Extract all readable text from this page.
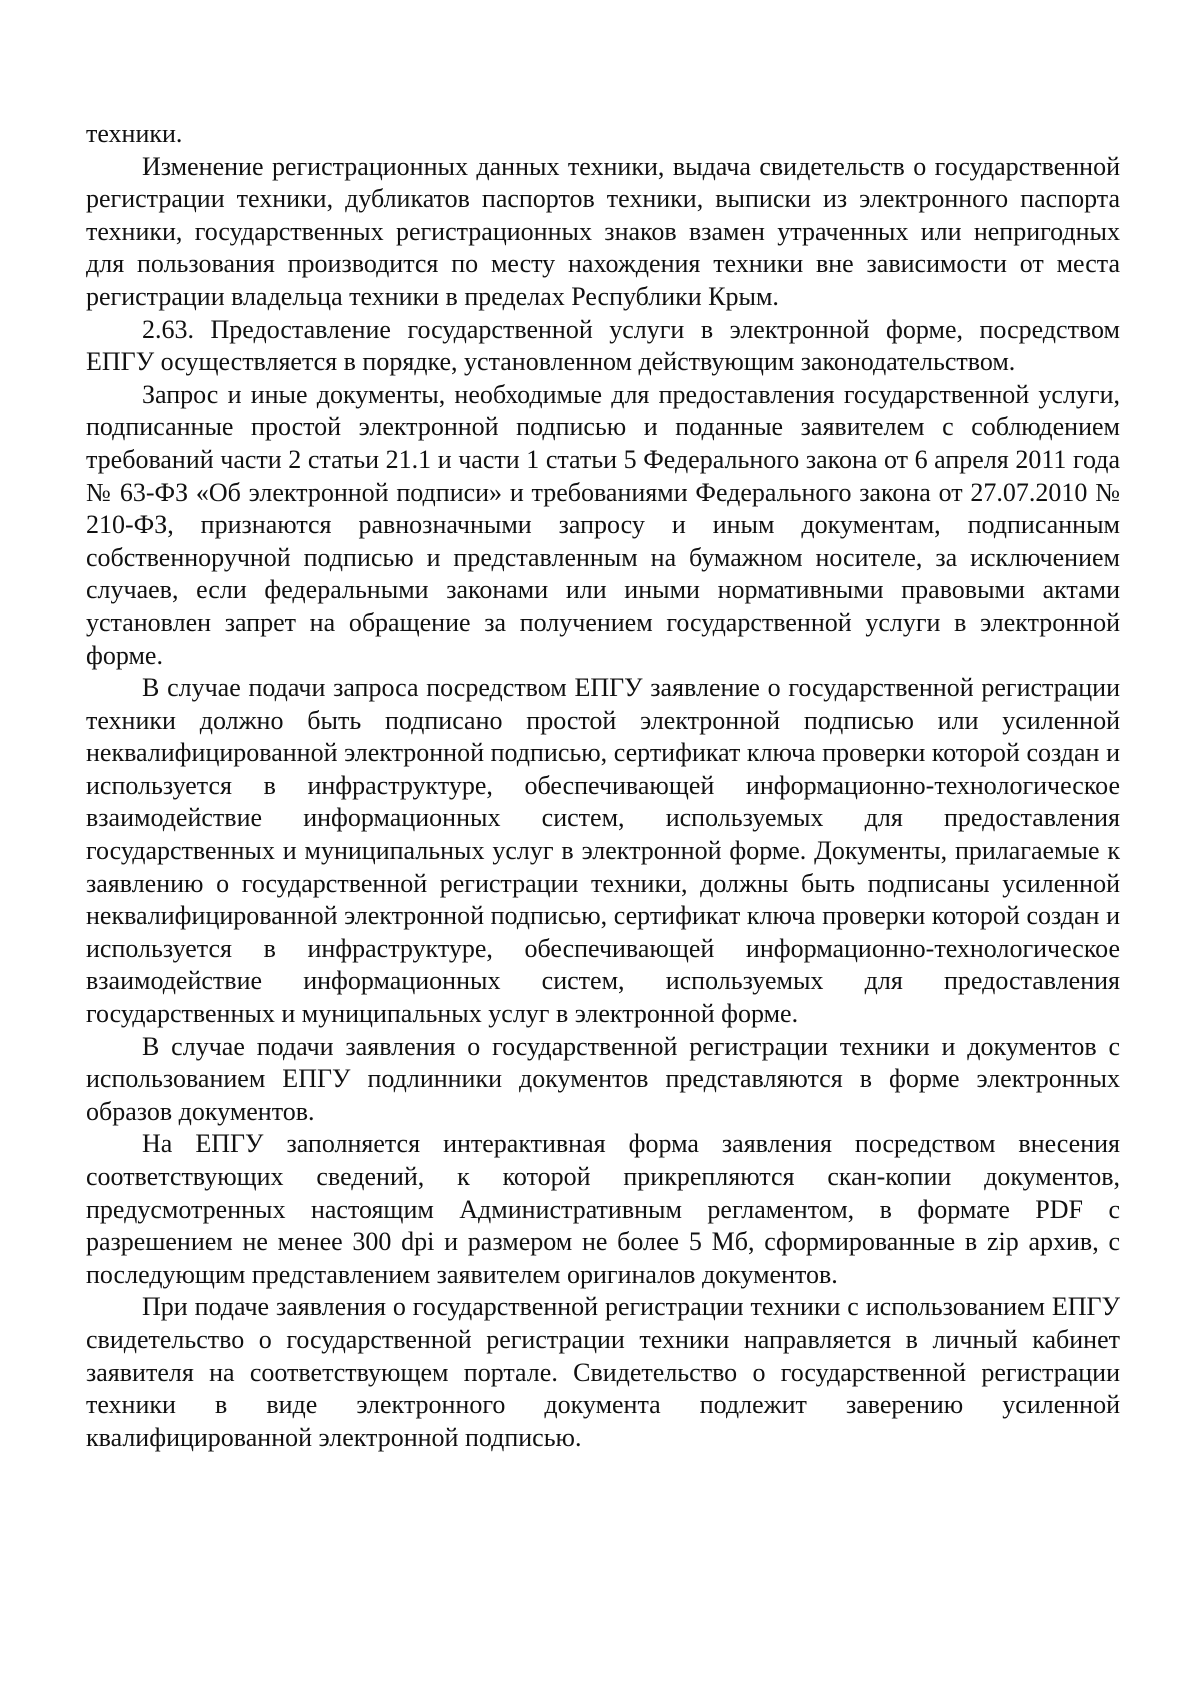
техники.

Изменение регистрационных данных техники, выдача свидетельств о государственной регистрации техники, дубликатов паспортов техники, выписки из электронного паспорта техники, государственных регистрационных знаков взамен утраченных или непригодных для пользования производится по месту нахождения техники вне зависимости от места регистрации владельца техники в пределах Республики Крым.

2.63. Предоставление государственной услуги в электронной форме, посредством ЕПГУ осуществляется в порядке, установленном действующим законодательством.

Запрос и иные документы, необходимые для предоставления государственной услуги, подписанные простой электронной подписью и поданные заявителем с соблюдением требований части 2 статьи 21.1 и части 1 статьи 5 Федерального закона от 6 апреля 2011 года № 63-ФЗ «Об электронной подписи» и требованиями Федерального закона от 27.07.2010 № 210-ФЗ, признаются равнозначными запросу и иным документам, подписанным собственноручной подписью и представленным на бумажном носителе, за исключением случаев, если федеральными законами или иными нормативными правовыми актами установлен запрет на обращение за получением государственной услуги в электронной форме.

В случае подачи запроса посредством ЕПГУ заявление о государственной регистрации техники должно быть подписано простой электронной подписью или усиленной неквалифицированной электронной подписью, сертификат ключа проверки которой создан и используется в инфраструктуре, обеспечивающей информационно-технологическое взаимодействие информационных систем, используемых для предоставления государственных и муниципальных услуг в электронной форме. Документы, прилагаемые к заявлению о государственной регистрации техники, должны быть подписаны усиленной неквалифицированной электронной подписью, сертификат ключа проверки которой создан и используется в инфраструктуре, обеспечивающей информационно-технологическое взаимодействие информационных систем, используемых для предоставления государственных и муниципальных услуг в электронной форме.

В случае подачи заявления о государственной регистрации техники и документов с использованием ЕПГУ подлинники документов представляются в форме электронных образов документов.

На ЕПГУ заполняется интерактивная форма заявления посредством внесения соответствующих сведений, к которой прикрепляются скан-копии документов, предусмотренных настоящим Административным регламентом, в формате PDF с разрешением не менее 300 dpi и размером не более 5 Мб, сформированные в zip архив, с последующим представлением заявителем оригиналов документов.

При подаче заявления о государственной регистрации техники с использованием ЕПГУ свидетельство о государственной регистрации техники направляется в личный кабинет заявителя на соответствующем портале. Свидетельство о государственной регистрации техники в виде электронного документа подлежит заверению усиленной квалифицированной электронной подписью.
